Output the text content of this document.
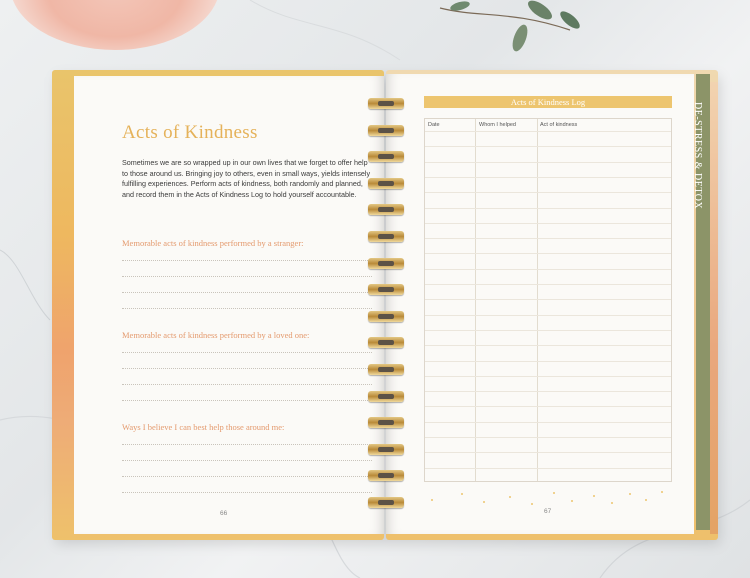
Acts of Kindness
Sometimes we are so wrapped up in our own lives that we forget to offer help to those around us. Bringing joy to others, even in small ways, yields intensely fulfilling experiences. Perform acts of kindness, both randomly and planned, and record them in the Acts of Kindness Log to hold yourself accountable.
Memorable acts of kindness performed by a stranger:
Memorable acts of kindness performed by a loved one:
Ways I believe I can best help those around me:
66
Acts of Kindness Log
Date	Whom I helped	Act of kindness
67
DE-STRESS & DETOX
